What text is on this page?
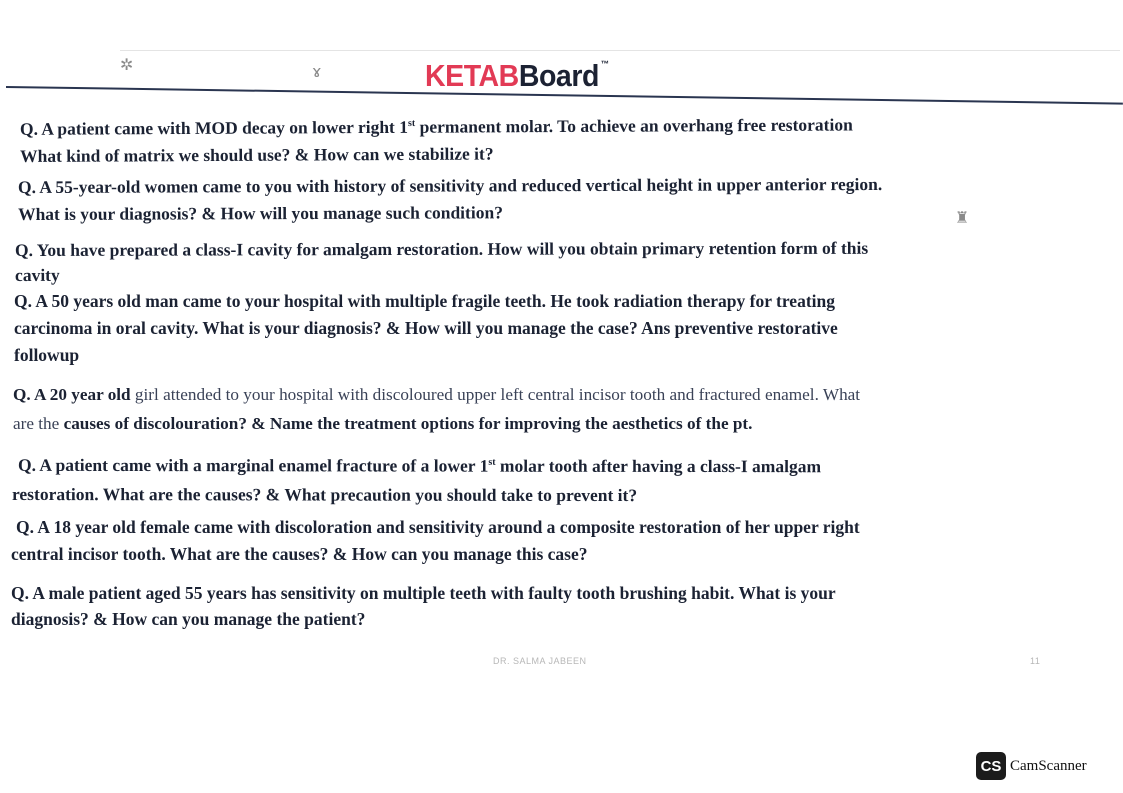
✲	ɤ
♜
KETABBoard ™

Q. A patient came with MOD decay on lower right 1st permanent molar. To achieve an overhang free restoration
What kind of matrix we should use? & How can we stabilize it?

Q. A 55-year-old women came to you with history of sensitivity and reduced vertical height in upper anterior region.
What is your diagnosis? & How will you manage such condition?

Q. You have prepared a class-I cavity for amalgam restoration. How will you obtain primary retention form of this
cavity

Q. A 50 years old man came to your hospital with multiple fragile teeth. He took radiation therapy for treating
carcinoma in oral cavity. What is your diagnosis? & How will you manage the case? Ans preventive restorative
followup

Q. A 20 year old girl attended to your hospital with discoloured upper left central incisor tooth and fractured enamel. What
are the causes of discolouration? & Name the treatment options for improving the aesthetics of the pt.

Q. A patient came with a marginal enamel fracture of a lower 1st molar tooth after having a class-I amalgam
restoration. What are the causes? & What precaution you should take to prevent it?

Q. A 18 year old female came with discoloration and sensitivity around a composite restoration of her upper right
central incisor tooth. What are the causes? & How can you manage this case?

Q. A male patient aged 55 years has sensitivity on multiple teeth with faulty tooth brushing habit. What is your
diagnosis? & How can you manage the patient?

DR. SALMA JABEEN	11
CS CamScanner
